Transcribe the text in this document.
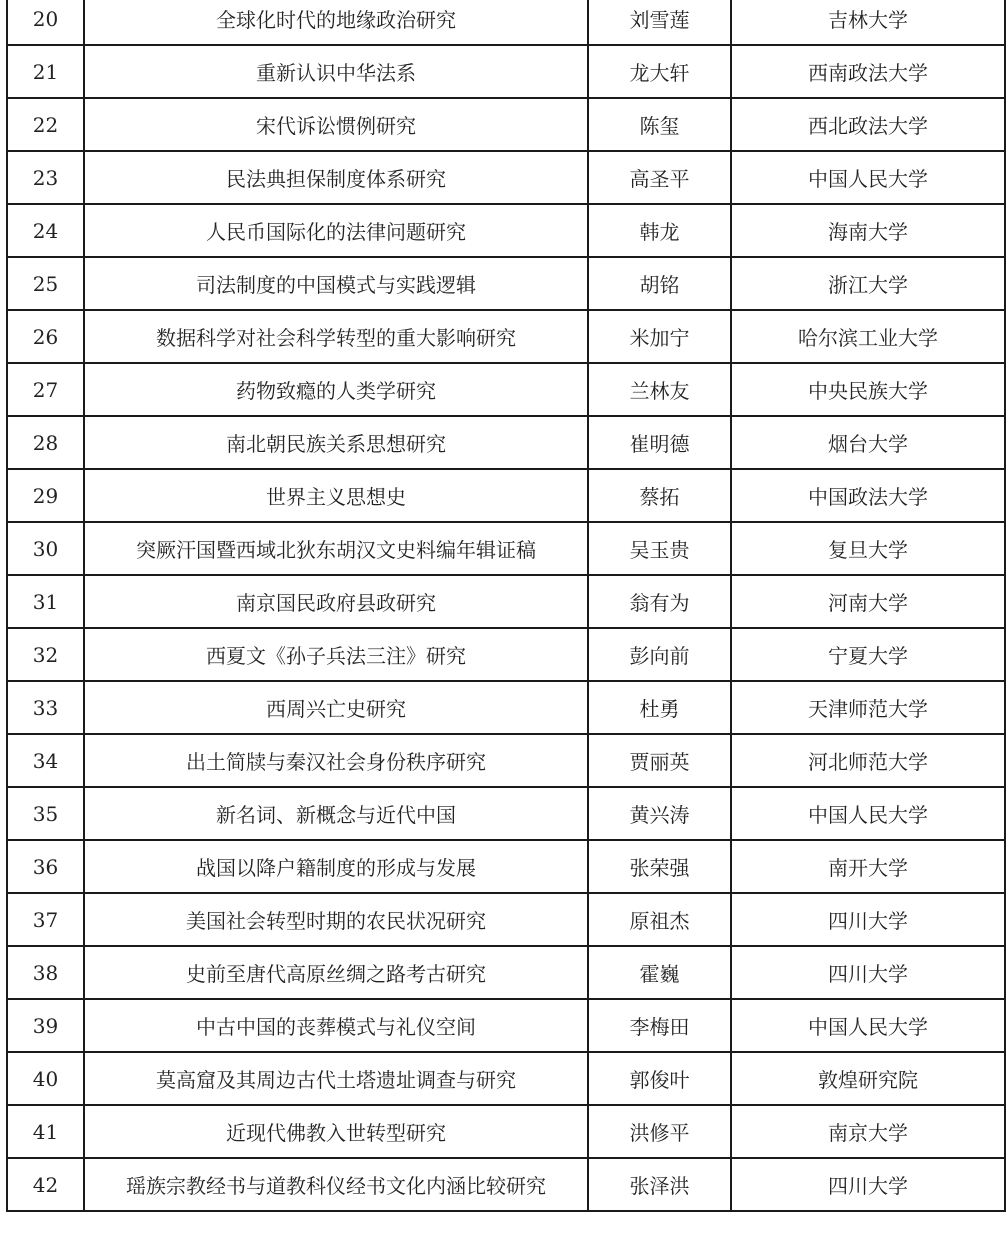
20	全球化时代的地缘政治研究	刘雪莲	吉林大学
21	重新认识中华法系	龙大轩	西南政法大学
22	宋代诉讼惯例研究	陈玺	西北政法大学
23	民法典担保制度体系研究	高圣平	中国人民大学
24	人民币国际化的法律问题研究	韩龙	海南大学
25	司法制度的中国模式与实践逻辑	胡铭	浙江大学
26	数据科学对社会科学转型的重大影响研究	米加宁	哈尔滨工业大学
27	药物致瘾的人类学研究	兰林友	中央民族大学
28	南北朝民族关系思想研究	崔明德	烟台大学
29	世界主义思想史	蔡拓	中国政法大学
30	突厥汗国暨西域北狄东胡汉文史料编年辑证稿	吴玉贵	复旦大学
31	南京国民政府县政研究	翁有为	河南大学
32	西夏文《孙子兵法三注》研究	彭向前	宁夏大学
33	西周兴亡史研究	杜勇	天津师范大学
34	出土简牍与秦汉社会身份秩序研究	贾丽英	河北师范大学
35	新名词、新概念与近代中国	黄兴涛	中国人民大学
36	战国以降户籍制度的形成与发展	张荣强	南开大学
37	美国社会转型时期的农民状况研究	原祖杰	四川大学
38	史前至唐代高原丝绸之路考古研究	霍巍	四川大学
39	中古中国的丧葬模式与礼仪空间	李梅田	中国人民大学
40	莫高窟及其周边古代土塔遗址调查与研究	郭俊叶	敦煌研究院
41	近现代佛教入世转型研究	洪修平	南京大学
42	瑶族宗教经书与道教科仪经书文化内涵比较研究	张泽洪	四川大学
